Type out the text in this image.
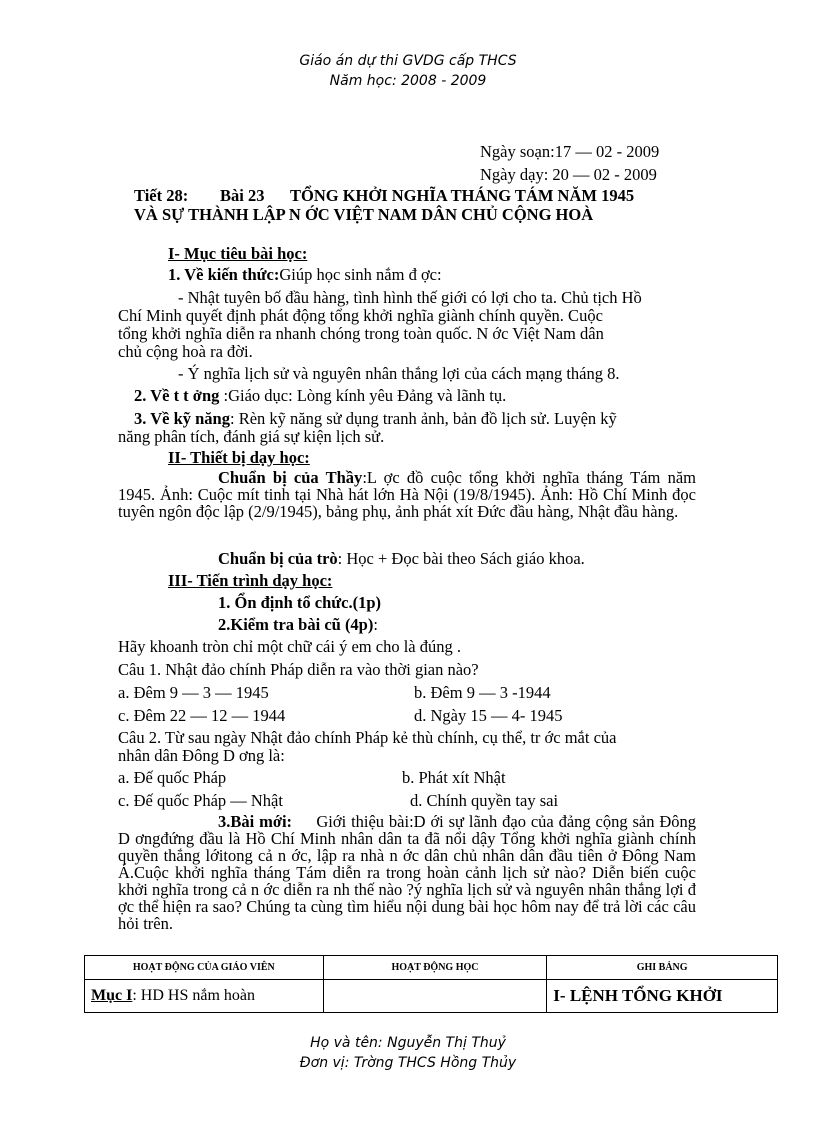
Giáo án dự thi GVDG cấp THCS
Năm học: 2008 - 2009
Ngày soạn:17 — 02 - 2009
Ngày dạy: 20 — 02 - 2009
Tiết 28: Bài 23 TỔNG KHỞI NGHĨA THÁNG TÁM NĂM 1945
VÀ SỰ THÀNH LẬP N ỚC VIỆT NAM DÂN CHỦ CỘNG HOÀ
I- Mục tiêu bài học:
1. Về kiến thức:Giúp học sinh nắm đ ợc:
- Nhật tuyên bố đầu hàng, tình hình thế giới có lợi cho ta. Chủ tịch Hồ
Chí Minh quyết định phát động tổng khởi nghĩa giành chính quyền. Cuộc
tổng khởi nghĩa diễn ra nhanh chóng trong toàn quốc. N ớc Việt Nam dân
chủ cộng hoà ra đời.
- Ý nghĩa lịch sử và nguyên nhân thắng lợi của cách mạng tháng 8.
2. Về t t ởng :Giáo dục: Lòng kính yêu Đảng và lãnh tụ.
3. Về kỹ năng: Rèn kỹ năng sử dụng tranh ảnh, bản đồ lịch sử. Luyện kỹ
năng phân tích, đánh giá sự kiện lịch sử.
II- Thiết bị dạy học:
Chuẩn bị của Thầy:L ợc đồ cuộc tổng khởi nghĩa tháng Tám năm 1945. Ảnh: Cuộc mít tinh tại Nhà hát lớn Hà Nội (19/8/1945). Ảnh: Hồ Chí Minh đọc tuyên ngôn độc lập (2/9/1945), bảng phụ, ảnh phát xít Đức đầu hàng, Nhật đầu hàng.
Chuẩn bị của trò: Học + Đọc bài theo Sách giáo khoa.
III- Tiến trình dạy học:
1. Ổn định tổ chức.(1p)
2.Kiểm tra bài cũ (4p):
Hãy khoanh tròn chỉ một chữ cái ý em cho là đúng .
Câu 1. Nhật đảo chính Pháp diễn ra vào thời gian nào?
a. Đêm 9 — 3 — 1945	b. Đêm 9 — 3 -1944
c. Đêm 22 — 12 — 1944	d. Ngày 15 — 4- 1945
Câu 2. Từ sau ngày Nhật đảo chính Pháp kẻ thù chính, cụ thể, tr ớc mắt của
nhân dân Đông D ơng là:
a. Đế quốc Pháp	b. Phát xít Nhật
c. Đế quốc Pháp — Nhật	d. Chính quyền tay sai
3.Bài mới: Giới thiệu bài:D ới sự lãnh đạo của đảng cộng sản Đông D ơngđứng đầu là Hồ Chí Minh nhân dân ta đã nổi dậy Tổng khởi nghĩa giành chính quyền thắng lớitong cả n ớc, lập ra nhà n ớc dân chủ nhân dân đầu tiên ở Đông Nam Á.Cuộc khởi nghĩa tháng Tám diễn ra trong hoàn cảnh lịch sử nào? Diễn biến cuộc khởi nghĩa trong cả n ớc diễn ra nh thế nào ?ý nghĩa lịch sử và nguyên nhân thắng lợi đ ợc thể hiện ra sao? Chúng ta cùng tìm hiểu nội dung bài học hôm nay để trả lời các câu hỏi trên.
HOẠT ĐỘNG CỦA GIÁO VIÊN	HOẠT ĐỘNG HỌC	GHI BẢNG
Mục I: HD HS nắm hoàn		I- LỆNH TỔNG KHỞI
Họ và tên: Nguyễn Thị Thuỷ
Đơn vị: Trờng THCS Hồng Thủy
